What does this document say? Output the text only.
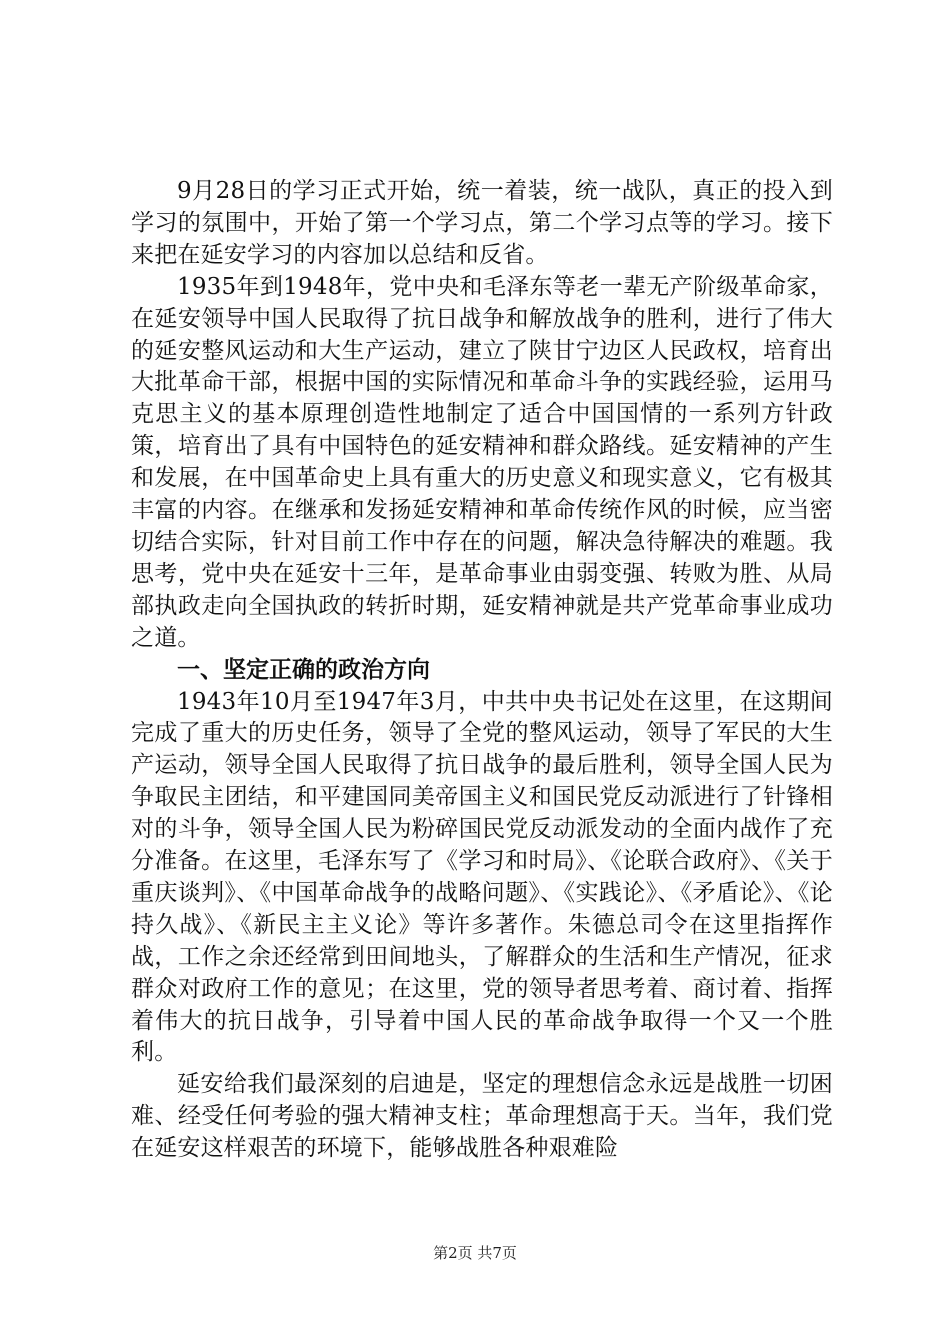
9月28日的学习正式开始，统一着装，统一战队，真正的投入到学习的氛围中，开始了第一个学习点，第二个学习点等的学习。接下来把在延安学习的内容加以总结和反省。

1935年到1948年，党中央和毛泽东等老一辈无产阶级革命家，在延安领导中国人民取得了抗日战争和解放战争的胜利，进行了伟大的延安整风运动和大生产运动，建立了陕甘宁边区人民政权，培育出大批革命干部，根据中国的实际情况和革命斗争的实践经验，运用马克思主义的基本原理创造性地制定了适合中国国情的一系列方针政策，培育出了具有中国特色的延安精神和群众路线。延安精神的产生和发展，在中国革命史上具有重大的历史意义和现实意义，它有极其丰富的内容。在继承和发扬延安精神和革命传统作风的时候，应当密切结合实际，针对目前工作中存在的问题，解决急待解决的难题。我思考，党中央在延安十三年，是革命事业由弱变强、转败为胜、从局部执政走向全国执政的转折时期，延安精神就是共产党革命事业成功之道。

一、坚定正确的政治方向

1943年10月至1947年3月，中共中央书记处在这里，在这期间完成了重大的历史任务，领导了全党的整风运动，领导了军民的大生产运动，领导全国人民取得了抗日战争的最后胜利，领导全国人民为争取民主团结，和平建国同美帝国主义和国民党反动派进行了针锋相对的斗争，领导全国人民为粉碎国民党反动派发动的全面内战作了充分准备。在这里，毛泽东写了《学习和时局》、《论联合政府》、《关于重庆谈判》、《中国革命战争的战略问题》、《实践论》、《矛盾论》、《论持久战》、《新民主主义论》等许多著作。朱德总司令在这里指挥作战，工作之余还经常到田间地头，了解群众的生活和生产情况，征求群众对政府工作的意见；在这里，党的领导者思考着、商讨着、指挥着伟大的抗日战争，引导着中国人民的革命战争取得一个又一个胜利。

延安给我们最深刻的启迪是，坚定的理想信念永远是战胜一切困难、经受任何考验的强大精神支柱；革命理想高于天。当年，我们党在延安这样艰苦的环境下，能够战胜各种艰难险

第2页 共7页
